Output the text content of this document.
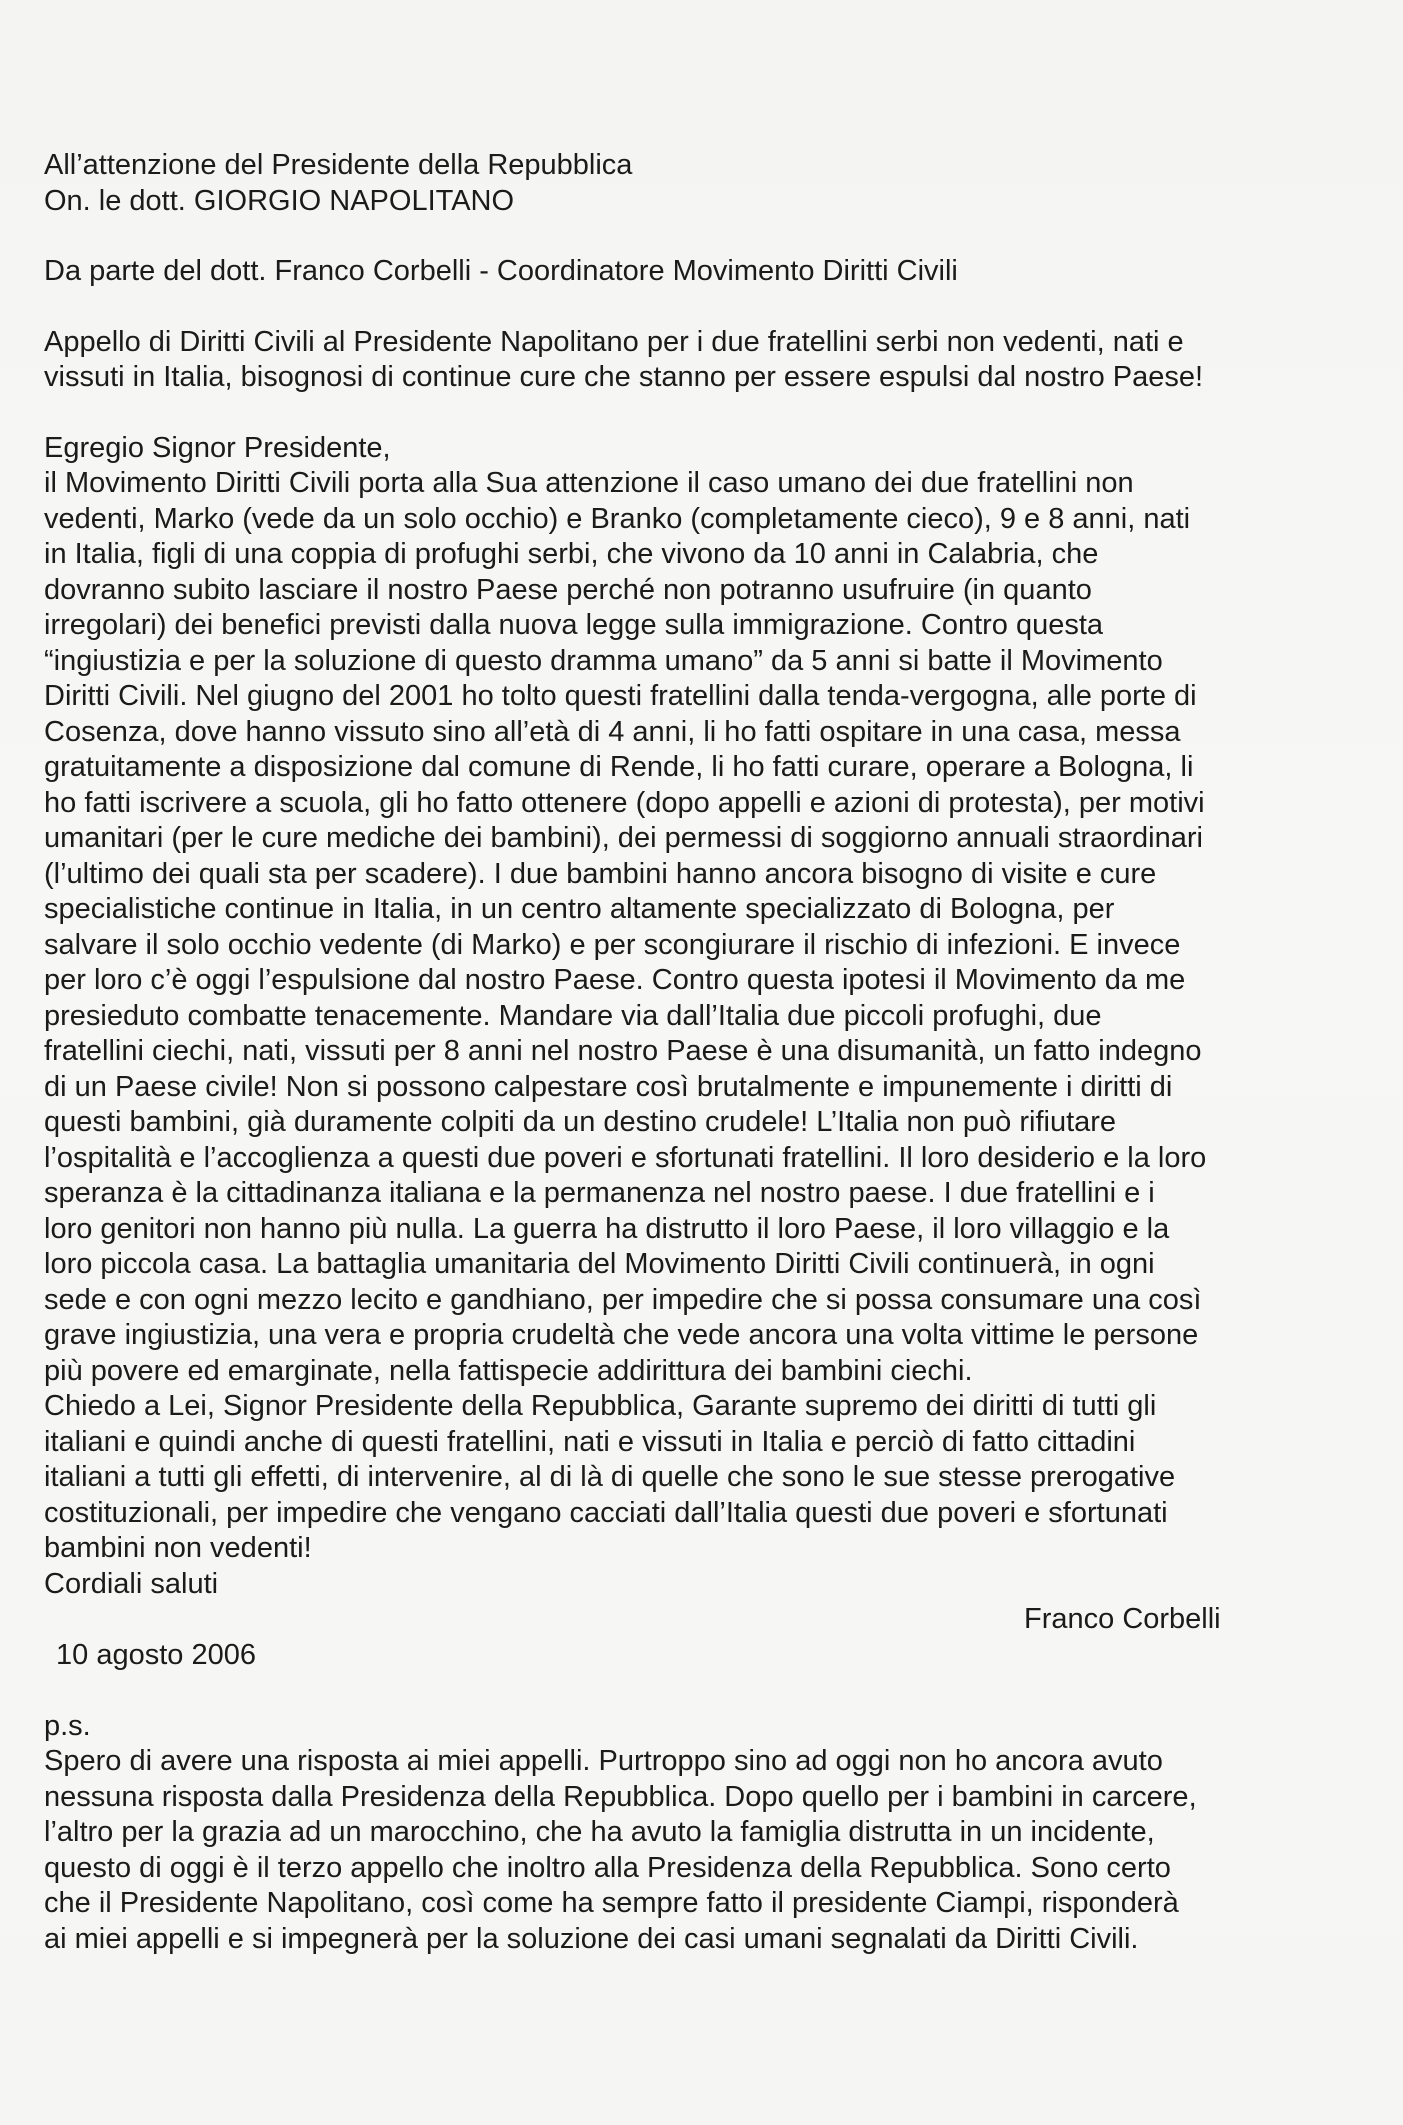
All’attenzione del Presidente della Repubblica
On. le dott. GIORGIO NAPOLITANO
Da parte del dott. Franco Corbelli - Coordinatore Movimento Diritti Civili
Appello di Diritti Civili al Presidente Napolitano per i due fratellini serbi non vedenti, nati e
vissuti in Italia, bisognosi di continue cure che stanno per essere espulsi dal nostro Paese!
Egregio Signor Presidente,
il Movimento Diritti Civili porta alla Sua attenzione il caso umano dei due fratellini non
vedenti, Marko (vede da un solo occhio) e Branko (completamente cieco), 9 e 8 anni, nati
in Italia, figli di una coppia di profughi serbi, che vivono da 10 anni in Calabria, che
dovranno subito lasciare il nostro Paese perché non potranno usufruire (in quanto
irregolari) dei benefici previsti dalla nuova legge sulla immigrazione. Contro questa
“ingiustizia e per la soluzione di questo dramma umano” da 5 anni si batte il Movimento
Diritti Civili. Nel giugno del 2001 ho tolto questi fratellini dalla tenda-vergogna, alle porte di
Cosenza, dove hanno vissuto sino all’età di 4 anni, li ho fatti ospitare in una casa, messa
gratuitamente a disposizione dal comune di Rende, li ho fatti curare, operare a Bologna, li
ho fatti iscrivere a scuola, gli ho fatto ottenere (dopo appelli e azioni di protesta), per motivi
umanitari (per le cure mediche dei bambini), dei permessi di soggiorno annuali straordinari
(l’ultimo dei quali sta per scadere). I due bambini hanno ancora bisogno di visite e cure
specialistiche continue in Italia, in un centro altamente specializzato di Bologna, per
salvare il solo occhio vedente (di Marko) e per scongiurare il rischio di infezioni. E invece
per loro c’è oggi l’espulsione dal nostro Paese. Contro questa ipotesi il Movimento da me
presieduto combatte tenacemente. Mandare via dall’Italia due piccoli profughi, due
fratellini ciechi, nati, vissuti per 8 anni nel nostro Paese è una disumanità, un fatto indegno
di un Paese civile! Non si possono calpestare così brutalmente e impunemente i diritti di
questi bambini, già duramente colpiti da un destino crudele! L’Italia non può rifiutare
l’ospitalità e l’accoglienza a questi due poveri e sfortunati fratellini. Il loro desiderio e la loro
speranza è la cittadinanza italiana e la permanenza nel nostro paese. I due fratellini e i
loro genitori non hanno più nulla. La guerra ha distrutto il loro Paese, il loro villaggio e la
loro piccola casa. La battaglia umanitaria del Movimento Diritti Civili continuerà, in ogni
sede e con ogni mezzo lecito e gandhiano, per impedire che si possa consumare una così
grave ingiustizia, una vera e propria crudeltà che vede ancora una volta vittime le persone
più povere ed emarginate, nella fattispecie addirittura dei bambini ciechi.
Chiedo a Lei, Signor Presidente della Repubblica, Garante supremo dei diritti di tutti gli
italiani e quindi anche di questi fratellini, nati e vissuti in Italia e perciò di fatto cittadini
italiani a tutti gli effetti, di intervenire, al di là di quelle che sono le sue stesse prerogative
costituzionali, per impedire che vengano cacciati dall’Italia questi due poveri e sfortunati
bambini non vedenti!
Cordiali saluti
Franco Corbelli
10 agosto 2006
p.s.
Spero di avere una risposta ai miei appelli. Purtroppo sino ad oggi non ho ancora avuto
nessuna risposta dalla Presidenza della Repubblica. Dopo quello per i bambini in carcere,
l’altro per la grazia ad un marocchino, che ha avuto la famiglia distrutta in un incidente,
questo di oggi è il terzo appello che inoltro alla Presidenza della Repubblica. Sono certo
che il Presidente Napolitano, così come ha sempre fatto il presidente Ciampi, risponderà
ai miei appelli e si impegnerà per la soluzione dei casi umani segnalati da Diritti Civili.
